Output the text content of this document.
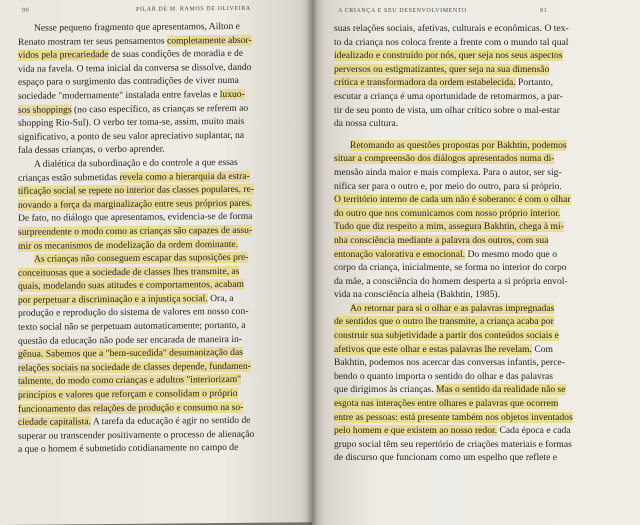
90	PILAR DE M. RAMOS DE OLIVEIRA
Nesse pequeno fragmento que apresentamos, Ailton e
Renato mostram ter seus pensamentos completamente absor-
vidos pela precariedade de suas condições de moradia e de
vida na favela. O tema inicial da conversa se dissolve, dando
espaço para o surgimento das contradições de viver numa
sociedade "modernamente" instalada entre favelas e luxuo-
sos shoppings (no caso específico, as crianças se referem ao
shopping Rio-Sul). O verbo ter toma-se, assim, muito mais
significativo, a ponto de seu valor apreciativo suplantar, na
fala dessas crianças, o verbo aprender.
A dialética da subordinação e do controle a que essas
crianças estão submetidas revela como a hierarquia da estra-
tificação social se repete no interior das classes populares, re-
novando a força da marginalização entre seus próprios pares.
De fato, no diálogo que apresentamos, evidencia-se de forma
surpreendente o modo como as crianças são capazes de assu-
mir os mecanismos de modelização da ordem dominante.
As crianças não conseguem escapar das suposições pre-
conceituosas que a sociedade de classes lhes transmite, as
quais, modelando suas atitudes e comportamentos, acabam
por perpetuar a discriminação e a injustiça social. Ora, a
produção e reprodução do sistema de valores em nosso con-
texto social não se perpetuam automaticamente; portanto, a
questão da educação não pode ser encarada de maneira in-
gênua. Sabemos que a "bem-sucedida" desumanização das
relações sociais na sociedade de classes depende, fundamen-
talmente, do modo como crianças e adultos "interiorizam"
princípios e valores que reforçam e consolidam o próprio
funcionamento das relações de produção e consumo na so-
ciedade capitalista. A tarefa da educação é agir no sentido de
superar ou transcender positivamente o processo de alienação
a que o homem é submetido cotidianamente no campo de
A CRIANÇA E SEU DESENVOLVIMENTO	91
suas relações sociais, afetivas, culturais e econômicas. O tex-
to da criança nos coloca frente a frente com o mundo tal qual
idealizado e construído por nós, quer seja nos seus aspectos
perversos ou estigmatizantes, quer seja na sua dimensão
crítica e transformadora da ordem estabelecida. Portanto,
escutar a criança é uma oportunidade de retomarmos, a par-
tir de seu ponto de vista, um olhar crítico sobre o mal-estar
da nossa cultura.
Retomando as questões propostas por Bakhtin, podemos
situar a compreensão dos diálogos apresentados numa di-
mensão ainda maior e mais complexa. Para o autor, ser sig-
nifica ser para o outro e, por meio do outro, para si próprio.
O território interno de cada um não é soberano: é com o olhar
do outro que nos comunicamos com nosso próprio interior.
Tudo que diz respeito a mim, assegura Bakhtin, chega à mi-
nha consciência mediante a palavra dos outros, com sua
entonação valorativa e emocional. Do mesmo modo que o
corpo da criança, inicialmente, se forma no interior do corpo
da mãe, a consciência do homem desperta a si própria envol-
vida na consciência alheia (Bakhtin, 1985).
Ao retornar para si o olhar e as palavras impregnadas
de sentidos que o outro lhe transmite, a criança acaba por
construir sua subjetividade a partir dos conteúdos sociais e
afetivos que este olhar e estas palavras lhe revelam. Com
Bakhtin, podemos nos acercar das conversas infantis, perce-
bendo o quanto importa o sentido do olhar e das palavras
que dirigimos às crianças. Mas o sentido da realidade não se
esgota nas interações entre olhares e palavras que ocorrem
entre as pessoas: está presente também nos objetos inventados
pelo homem e que existem ao nosso redor. Cada época e cada
grupo social têm seu repertório de criações materiais e formas
de discurso que funcionam como um espelho que reflete e
